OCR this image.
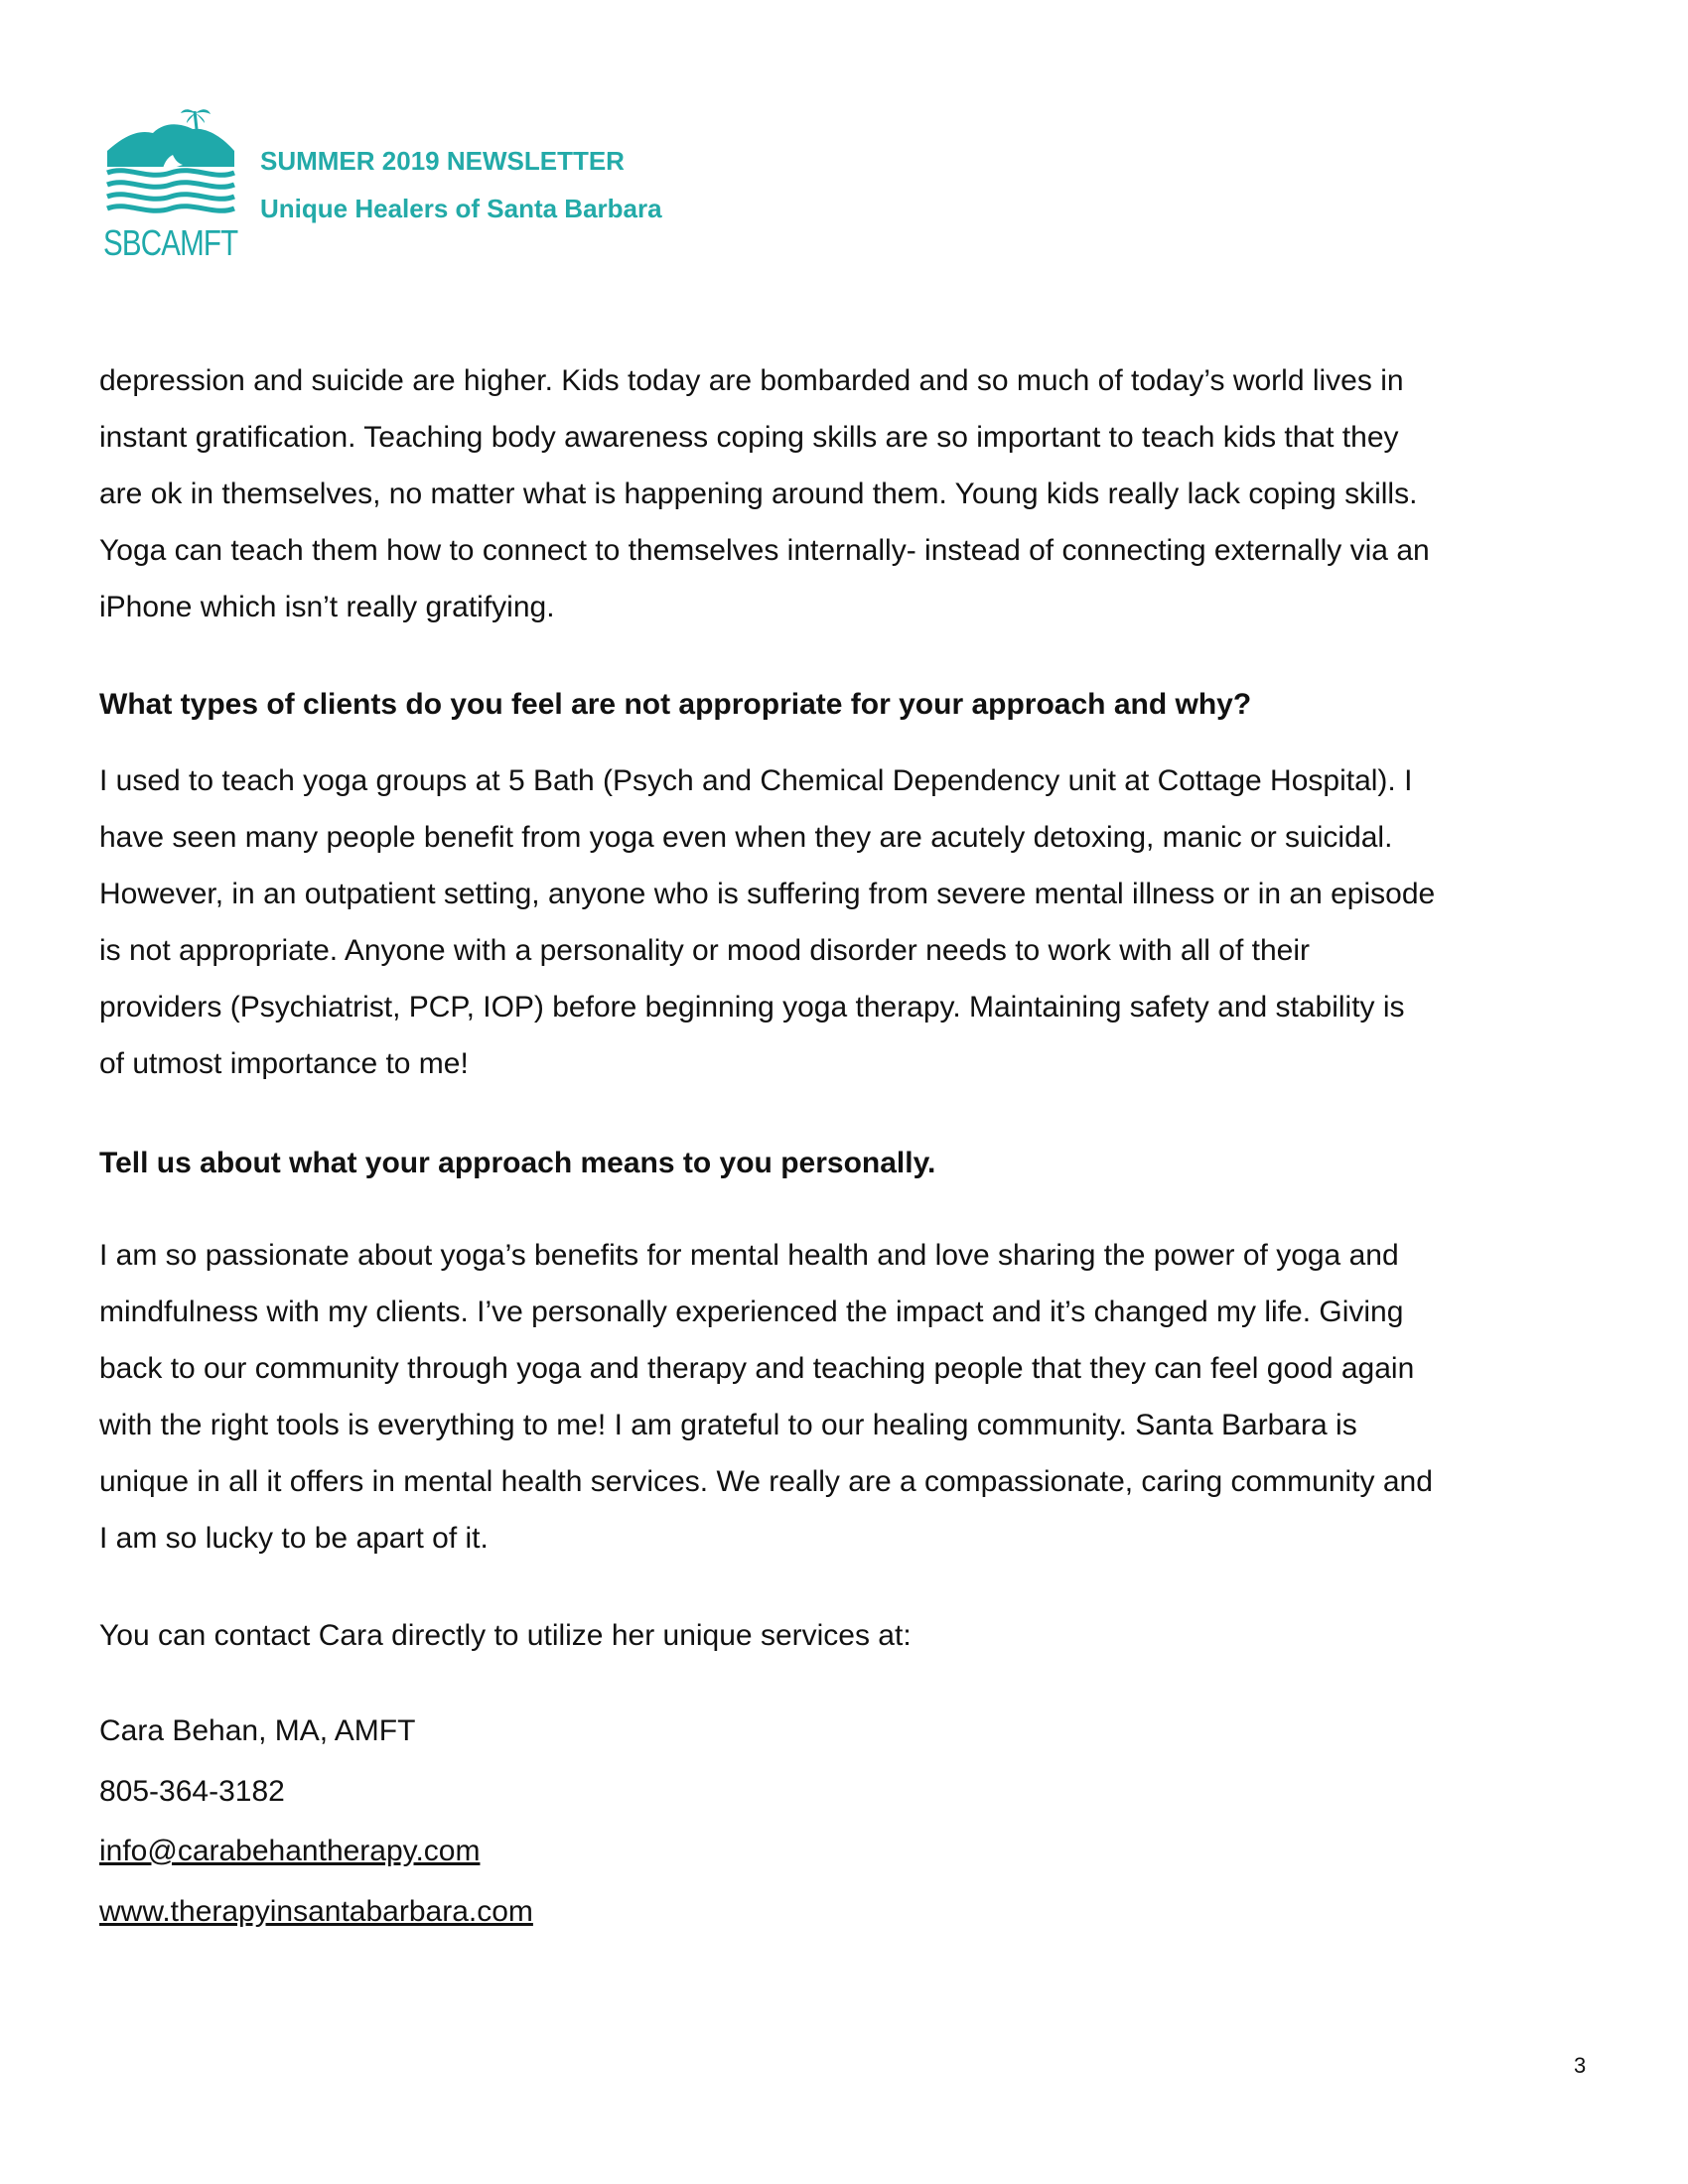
SBCAMFT
SUMMER 2019 NEWSLETTER
Unique Healers of Santa Barbara

depression and suicide are higher. Kids today are bombarded and so much of today’s world lives in
instant gratification. Teaching body awareness coping skills are so important to teach kids that they
are ok in themselves, no matter what is happening around them. Young kids really lack coping skills.
Yoga can teach them how to connect to themselves internally- instead of connecting externally via an
iPhone which isn’t really gratifying.

What types of clients do you feel are not appropriate for your approach and why?

I used to teach yoga groups at 5 Bath (Psych and Chemical Dependency unit at Cottage Hospital). I
have seen many people benefit from yoga even when they are acutely detoxing, manic or suicidal.
However, in an outpatient setting, anyone who is suffering from severe mental illness or in an episode
is not appropriate. Anyone with a personality or mood disorder needs to work with all of their
providers (Psychiatrist, PCP, IOP) before beginning yoga therapy. Maintaining safety and stability is
of utmost importance to me!

Tell us about what your approach means to you personally.

I am so passionate about yoga’s benefits for mental health and love sharing the power of yoga and
mindfulness with my clients. I’ve personally experienced the impact and it’s changed my life. Giving
back to our community through yoga and therapy and teaching people that they can feel good again
with the right tools is everything to me! I am grateful to our healing community. Santa Barbara is
unique in all it offers in mental health services. We really are a compassionate, caring community and
I am so lucky to be apart of it.

You can contact Cara directly to utilize her unique services at:

Cara Behan, MA, AMFT

805-364-3182

info@carabehantherapy.com

www.therapyinsantabarbara.com

3
